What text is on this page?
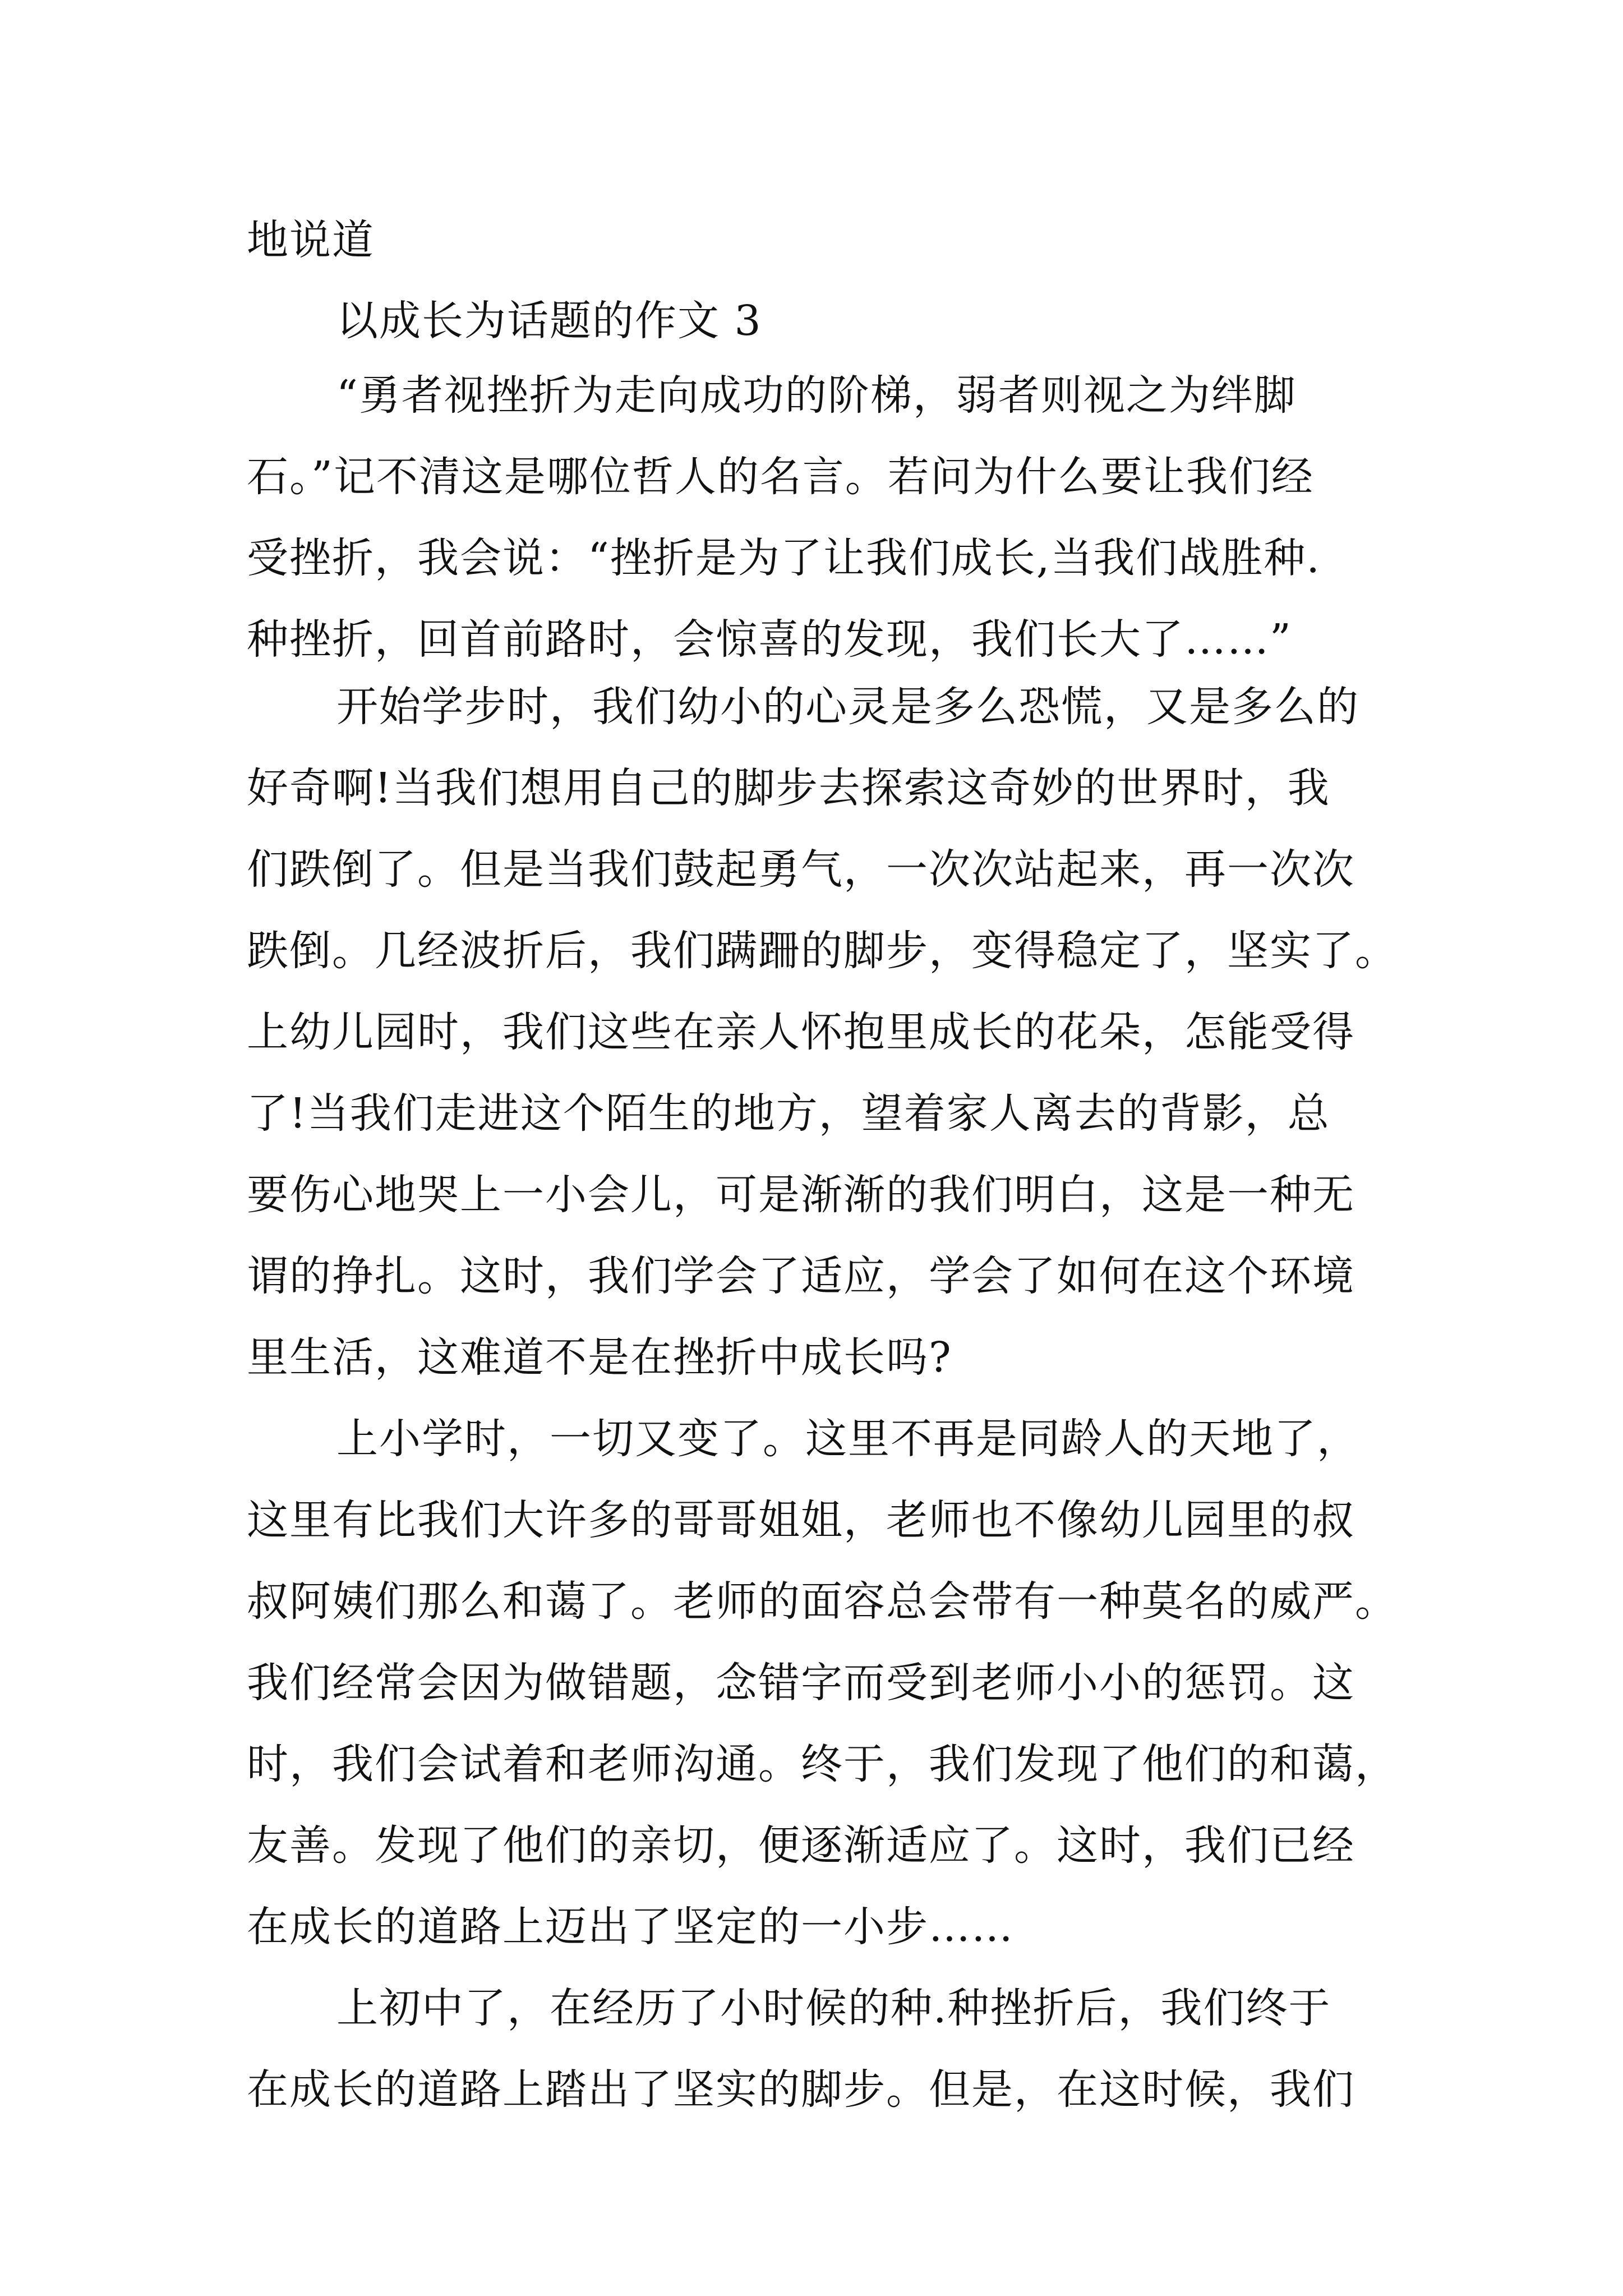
地说道

以成长为话题的作文 3

“勇者视挫折为走向成功的阶梯，弱者则视之为绊脚

石。”记不清这是哪位哲人的名言。若问为什么要让我们经

受挫折，我会说：“挫折是为了让我们成长,当我们战胜种.

种挫折，回首前路时，会惊喜的发现，我们长大了……”

开始学步时，我们幼小的心灵是多么恐慌，又是多么的

好奇啊!当我们想用自己的脚步去探索这奇妙的世界时，我

们跌倒了。但是当我们鼓起勇气，一次次站起来，再一次次

跌倒。几经波折后，我们蹒跚的脚步，变得稳定了，坚实了。

上幼儿园时，我们这些在亲人怀抱里成长的花朵，怎能受得

了!当我们走进这个陌生的地方，望着家人离去的背影，总

要伤心地哭上一小会儿，可是渐渐的我们明白，这是一种无

谓的挣扎。这时，我们学会了适应，学会了如何在这个环境

里生活，这难道不是在挫折中成长吗?

上小学时，一切又变了。这里不再是同龄人的天地了，

这里有比我们大许多的哥哥姐姐，老师也不像幼儿园里的叔

叔阿姨们那么和蔼了。老师的面容总会带有一种莫名的威严。

我们经常会因为做错题，念错字而受到老师小小的惩罚。这

时，我们会试着和老师沟通。终于，我们发现了他们的和蔼，

友善。发现了他们的亲切，便逐渐适应了。这时，我们已经

在成长的道路上迈出了坚定的一小步……

上初中了，在经历了小时候的种.种挫折后，我们终于

在成长的道路上踏出了坚实的脚步。但是，在这时候，我们
